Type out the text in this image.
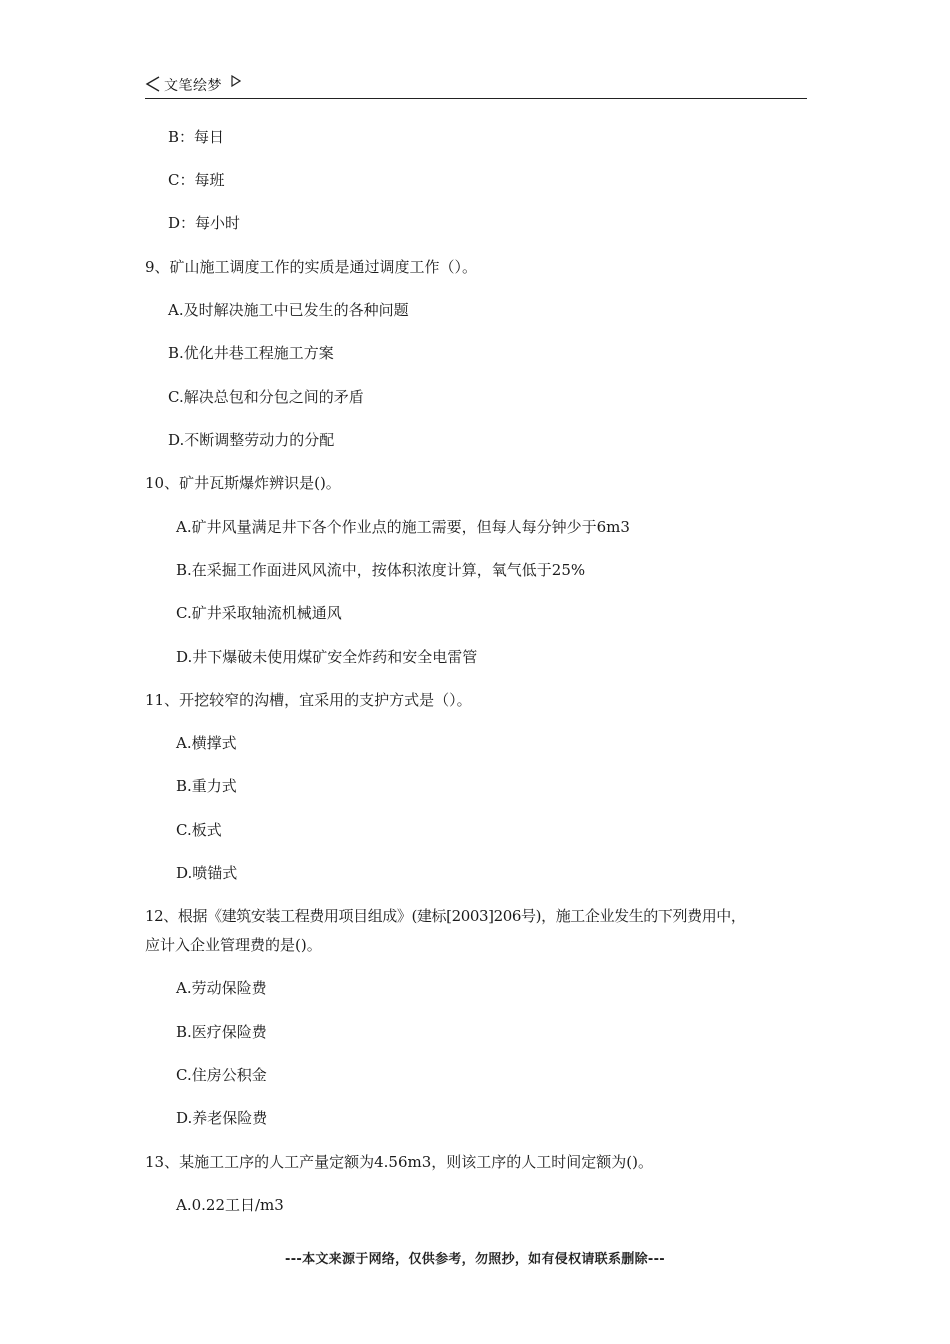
文笔绘梦
B：每日
C：每班
D：每小时
9、矿山施工调度工作的实质是通过调度工作（）。
A.及时解决施工中已发生的各种问题
B.优化井巷工程施工方案
C.解决总包和分包之间的矛盾
D.不断调整劳动力的分配
10、矿井瓦斯爆炸辨识是()。
A.矿井风量满足井下各个作业点的施工需要，但每人每分钟少于6m3
B.在采掘工作面进风风流中，按体积浓度计算，氧气低于25%
C.矿井采取轴流机械通风
D.井下爆破未使用煤矿安全炸药和安全电雷管
11、开挖较窄的沟槽，宜采用的支护方式是（）。
A.横撑式
B.重力式
C.板式
D.喷锚式
12、根据《建筑安装工程费用项目组成》(建标[2003]206号)，施工企业发生的下列费用中，
应计入企业管理费的是()。
A.劳动保险费
B.医疗保险费
C.住房公积金
D.养老保险费
13、某施工工序的人工产量定额为4.56m3，则该工序的人工时间定额为()。
A.0.22工日/m3
---本文来源于网络，仅供参考，勿照抄，如有侵权请联系删除---
